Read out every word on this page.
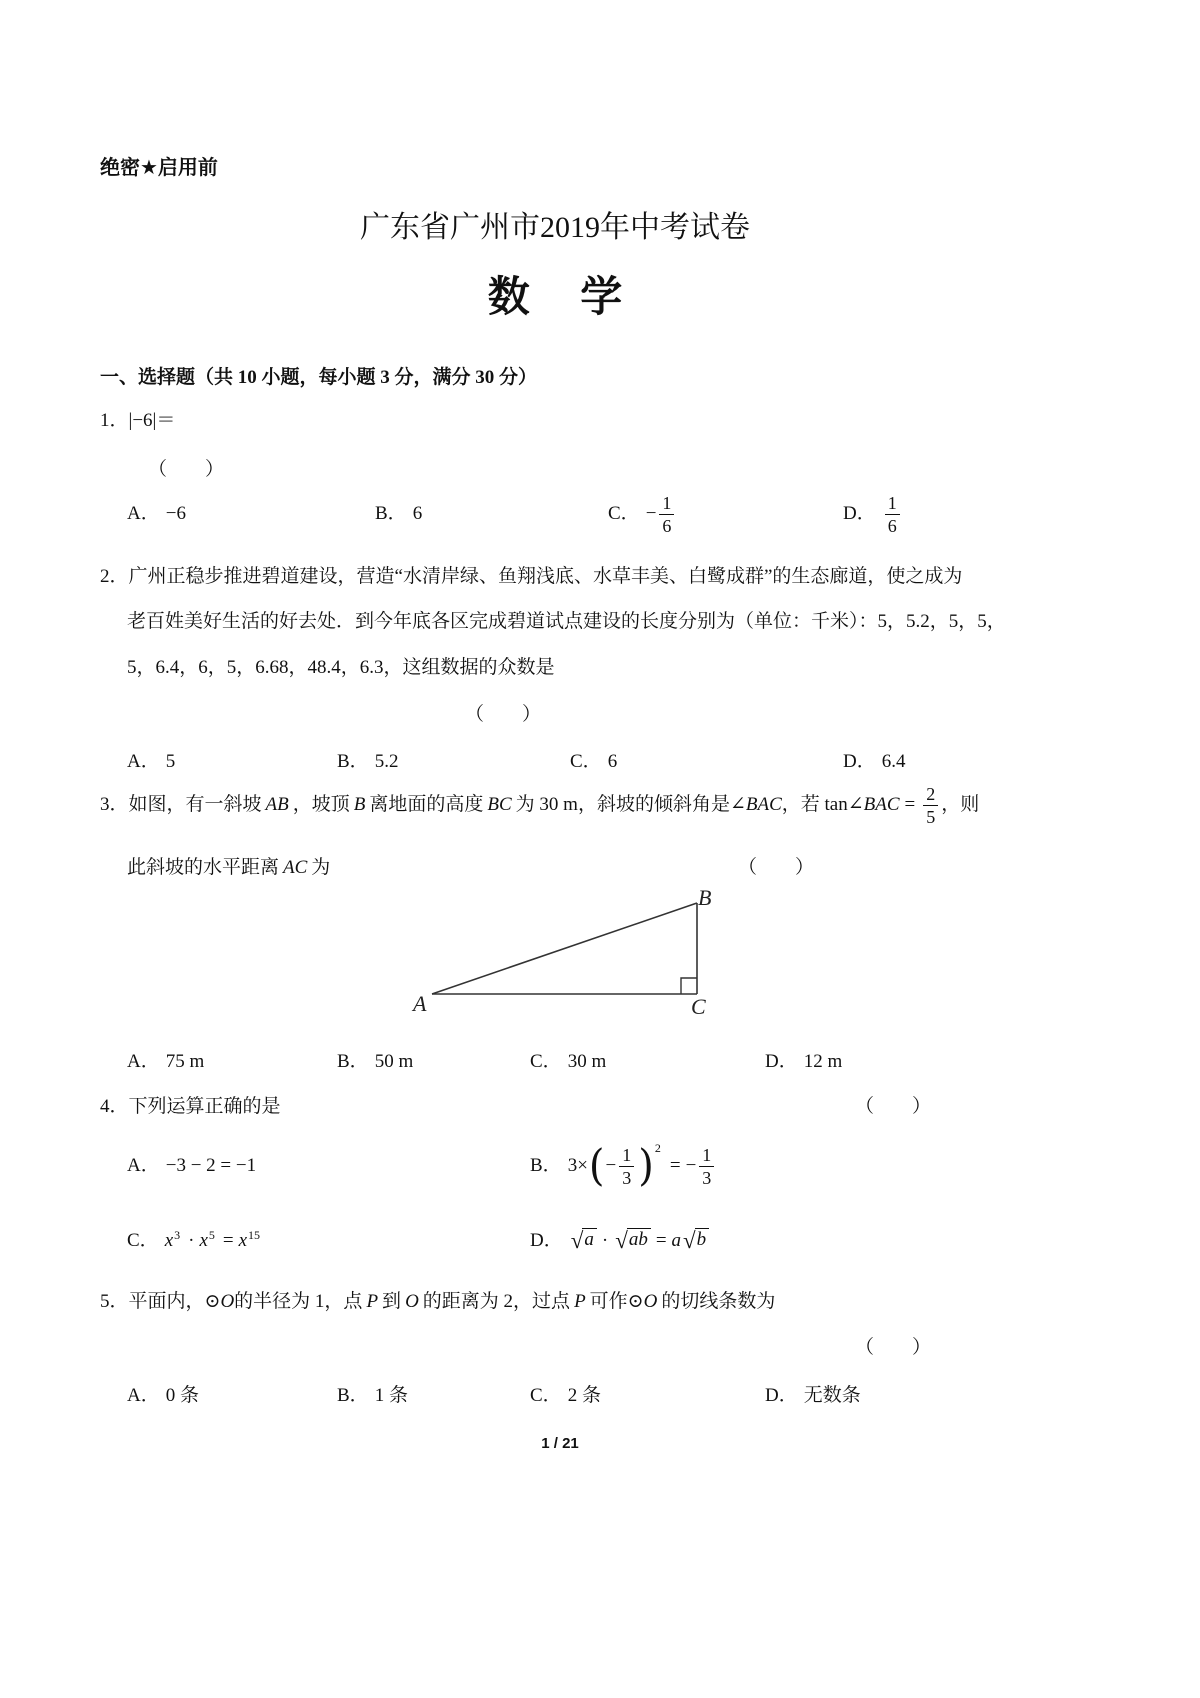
绝密★启用前
广东省广州市2019年中考试卷
数 学
一、选择题（共 10 小题，每小题 3 分，满分 30 分）
1． |−6|＝
（　　）
A． −6	B． 6	C． − $\frac{1}{6}$	D． $\frac{1}{6}$
2． 广州正稳步推进碧道建设，营造“水清岸绿、鱼翔浅底、水草丰美、白鹭成群”的生态廊道，使之成为
老百姓美好生活的好去处．到今年底各区完成碧道试点建设的长度分别为（单位：千米）：5，5.2，5，5，
5，6.4，6，5，6.68，48.4，6.3，这组数据的众数是
（　　）
A． 5	B． 5.2	C． 6	D． 6.4
3． 如图，有一斜坡 AB ，坡顶 B 离地面的高度 BC 为 30 m，斜坡的倾斜角是∠ BAC ，若 tan∠ BAC = $\frac{2}{5}$ ，则
此斜坡的水平距离 AC 为	（　　）
A
B
C
A． 75 m	B． 50 m	C． 30 m	D． 12 m
4． 下列运算正确的是	（　　）
A． −3 − 2 = −1	B． 3× ( − $\frac{1}{3}$ ) 2
= − $\frac{1}{3}$
C． $x^3 \cdot x^5 = x^{15}$	D． √ a · √ ab = a √ b
5． 平面内，⊙ O 的半径为 1，点 P 到 O 的距离为 2，过点 P 可作⊙ O 的切线条数为
（　　）
A． 0 条	B． 1 条	C． 2 条	D． 无数条
1 / 21
